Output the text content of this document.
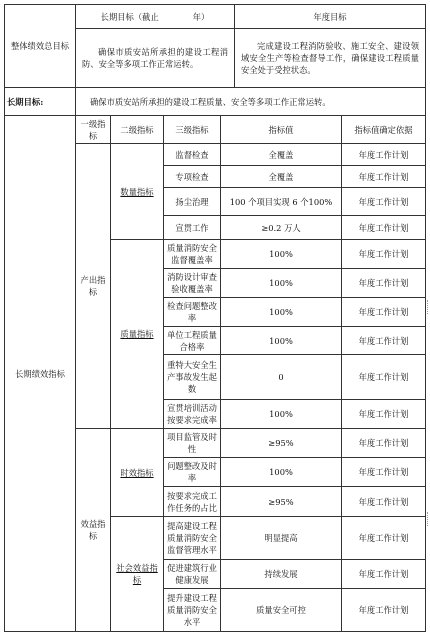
整体绩效总目标	长期目标（截止 年）				年度目标	
	确保市质安站所承担的建设工程消防、安全等多项工作正常运转。				完成建设工程消防验收、施工安全、建设领域安全生产等检查督导工作，确保建设工程质量安全处于受控状态。	
长期目标:	确保市质安站所承担的建设工程质量、安全等多项工作正常运转。					
长期绩效指标	一级指标	二级指标	三级指标	指标值		指标值确定依据
	产出指标	数量指标	监督检查	全覆盖		年度工作计划
			专项检查	全覆盖		年度工作计划
			扬尘治理	100 个项目实现 6 个100%		年度工作计划
			宣贯工作	≥0.2 万人		年度工作计划
		质量指标	质量消防安全监督覆盖率	100%		年度工作计划
			消防设计审查验收覆盖率	100%		年度工作计划
			检查问题整改率	100%		年度工作计划
			单位工程质量合格率	100%		年度工作计划
			重特大安全生产事故发生起数	0		年度工作计划
			宣贯培训活动按要求完成率	100%		年度工作计划
	效益指标	时效指标	项目监管及时性	≥95%		年度工作计划
			问题整改及时率	100%		年度工作计划
			按要求完成工作任务的占比	≥95%		年度工作计划
		社会效益指标	提高建设工程质量消防安全监督管理水平	明显提高		年度工作计划
			促进建筑行业健康发展	持续发展		年度工作计划
			提升建设工程质量消防安全水平	质量安全可控		年度工作计划
